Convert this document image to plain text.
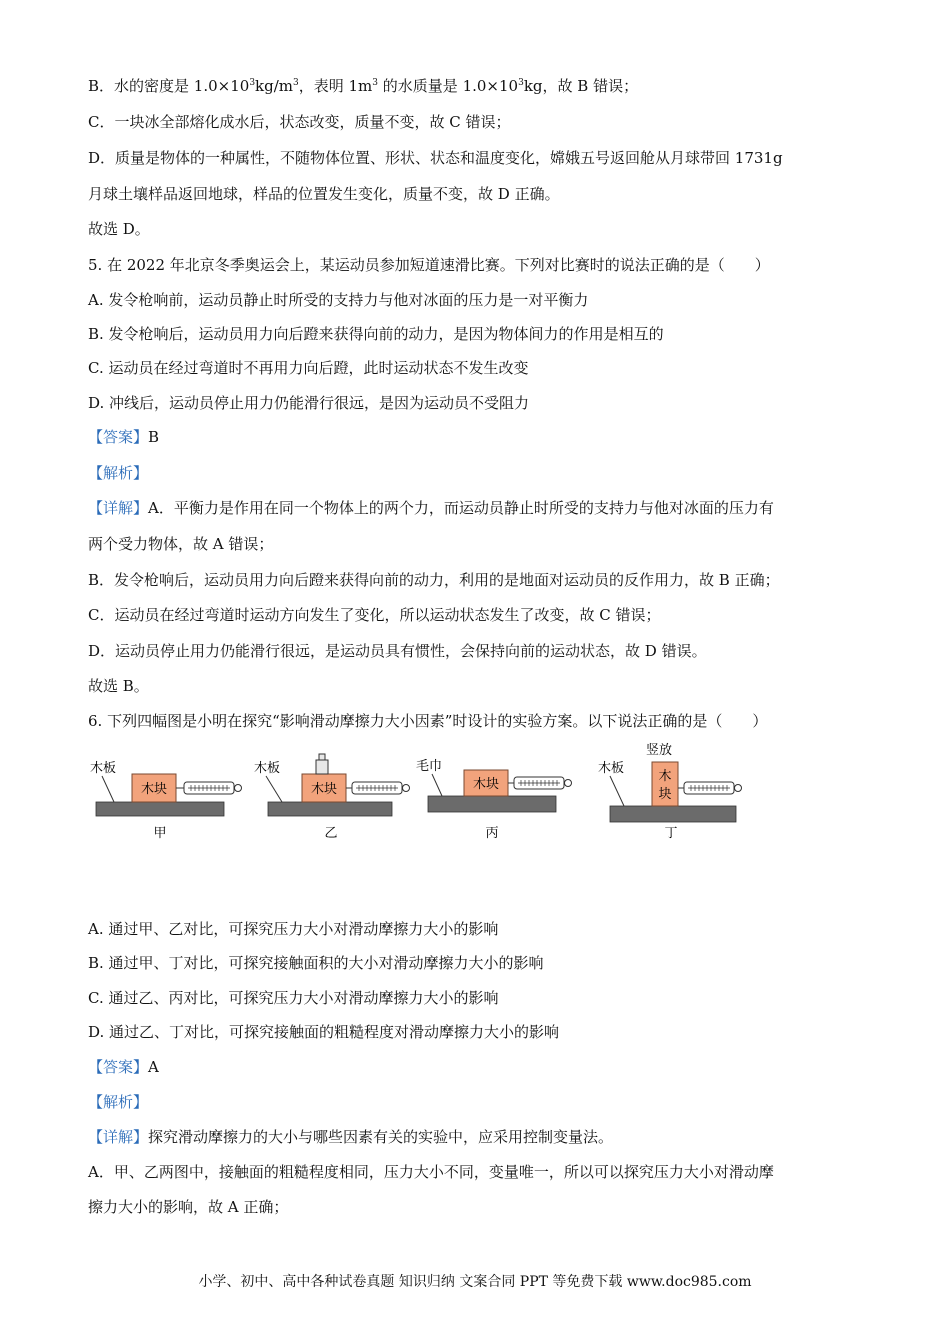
B．水的密度是 $1.0\times 10^3kg/m^3$，表明 $1m^3$ 的水质量是 $1.0\times 10^3kg$，故 B 错误；
C．一块冰全部熔化成水后，状态改变，质量不变，故 C 错误；
D．质量是物体的一种属性，不随物体位置、形状、状态和温度变化，嫦娥五号返回舱从月球带回 1731g
月球土壤样品返回地球，样品的位置发生变化，质量不变，故 D 正确。
故选 D。
5. 在 2022 年北京冬季奥运会上，某运动员参加短道速滑比赛。下列对比赛时的说法正确的是（　　）
A. 发令枪响前，运动员静止时所受的支持力与他对冰面的压力是一对平衡力
B. 发令枪响后，运动员用力向后蹬来获得向前的动力，是因为物体间力的作用是相互的
C. 运动员在经过弯道时不再用力向后蹬，此时运动状态不发生改变
D. 冲线后，运动员停止用力仍能滑行很远，是因为运动员不受阻力
【答案】B
【解析】
【详解】A．平衡力是作用在同一个物体上的两个力，而运动员静止时所受的支持力与他对冰面的压力有
两个受力物体，故 A 错误；
B．发令枪响后，运动员用力向后蹬来获得向前的动力，利用的是地面对运动员的反作用力，故 B 正确；
C．运动员在经过弯道时运动方向发生了变化，所以运动状态发生了改变，故 C 错误；
D．运动员停止用力仍能滑行很远，是运动员具有惯性，会保持向前的运动状态，故 D 错误。
故选 B。
6. 下列四幅图是小明在探究“影响滑动摩擦力大小因素”时设计的实验方案。以下说法正确的是（　　）
木板
木块
甲
木板
木块
乙
毛巾
木块
丙
竖放
木板
木
块
丁
A. 通过甲、乙对比，可探究压力大小对滑动摩擦力大小的影响
B. 通过甲、丁对比，可探究接触面积的大小对滑动摩擦力大小的影响
C. 通过乙、丙对比，可探究压力大小对滑动摩擦力大小的影响
D. 通过乙、丁对比，可探究接触面的粗糙程度对滑动摩擦力大小的影响
【答案】A
【解析】
【详解】探究滑动摩擦力的大小与哪些因素有关的实验中，应采用控制变量法。
A．甲、乙两图中，接触面的粗糙程度相同，压力大小不同，变量唯一，所以可以探究压力大小对滑动摩
擦力大小的影响，故 A 正确；
小学、初中、高中各种试卷真题 知识归纳 文案合同 PPT 等免费下载 www.doc985.com
